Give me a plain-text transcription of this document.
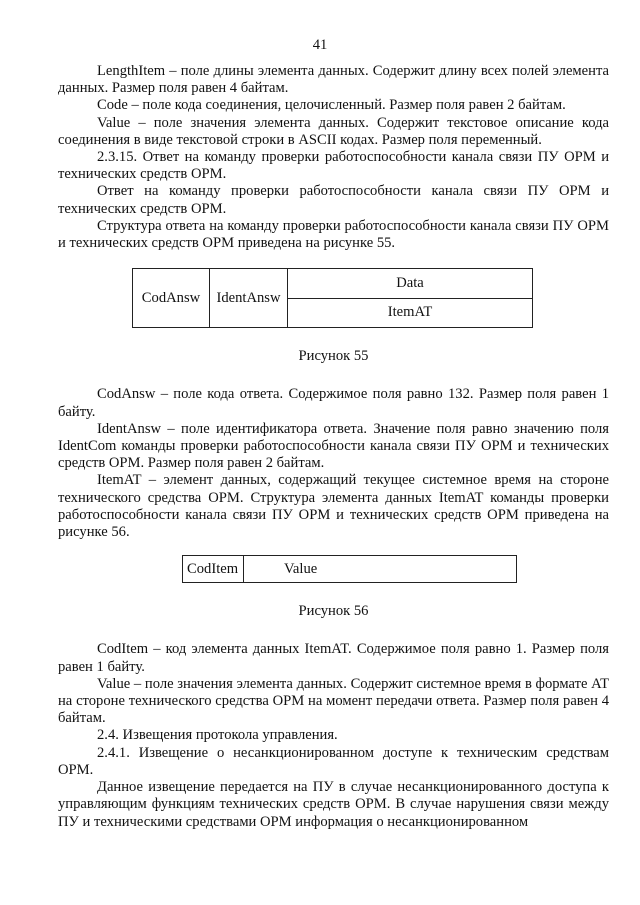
41

LengthItem – поле длины элемента данных. Содержит длину всех полей элемента данных. Размер поля равен 4 байтам.

Code – поле кода соединения, целочисленный. Размер поля равен 2 байтам.

Value – поле значения элемента данных. Содержит текстовое описание кода соединения в виде текстовой строки в ASCII кодах. Размер поля переменный.

2.3.15. Ответ на команду проверки работоспособности канала связи ПУ ОРМ и технических средств ОРМ.

Ответ на команду проверки работоспособности канала связи ПУ ОРМ и технических средств ОРМ.

Структура ответа на команду проверки работоспособности канала связи ПУ ОРМ и технических средств ОРМ приведена на рисунке 55.

CodAnsw	IdentAnsw	Data
ItemAT
Рисунок 55

CodAnsw – поле кода ответа. Содержимое поля равно 132. Размер поля равен 1 байту.

IdentAnsw – поле идентификатора ответа. Значение поля равно значению поля IdentCom команды проверки работоспособности канала связи ПУ ОРМ и технических средств ОРМ. Размер поля равен 2 байтам.

ItemAT – элемент данных, содержащий текущее системное время на стороне технического средства ОРМ. Структура элемента данных ItemAT команды проверки работоспособности канала связи ПУ ОРМ и технических средств ОРМ приведена на рисунке 56.

CodItem	Value
Рисунок 56

CodItem – код элемента данных ItemAT. Содержимое поля равно 1. Размер поля равен 1 байту.

Value – поле значения элемента данных. Содержит системное время в формате AT на стороне технического средства ОРМ на момент передачи ответа. Размер поля равен 4 байтам.

2.4. Извещения протокола управления.

2.4.1. Извещение о несанкционированном доступе к техническим средствам ОРМ.

Данное извещение передается на ПУ в случае несанкционированного доступа к управляющим функциям технических средств ОРМ. В случае нарушения связи между ПУ и техническими средствами ОРМ информация о несанкционированном
